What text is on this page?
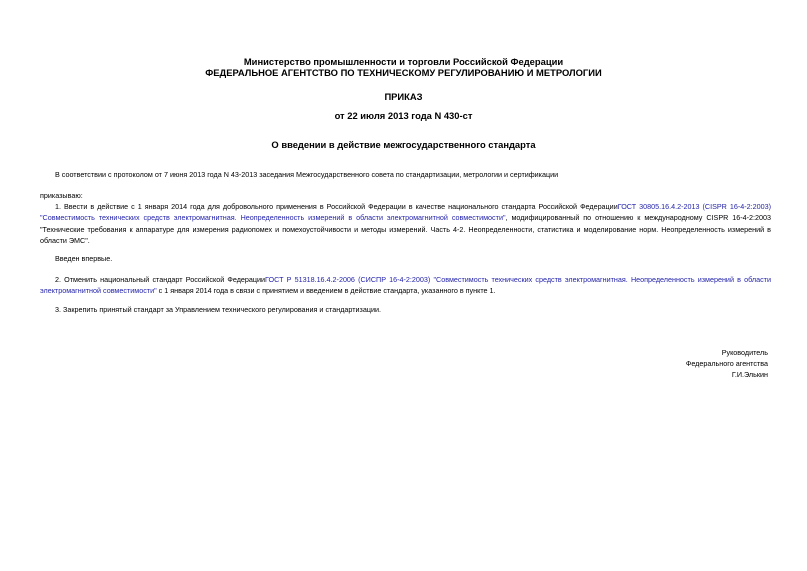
Министерство промышленности и торговли Российской Федерации
ФЕДЕРАЛЬНОЕ АГЕНТСТВО ПО ТЕХНИЧЕСКОМУ РЕГУЛИРОВАНИЮ И МЕТРОЛОГИИ
ПРИКАЗ
от 22 июля 2013 года N 430-ст
О введении в действие межгосударственного стандарта
В соответствии с протоколом от 7 июня 2013 года N 43-2013 заседания Межгосударственного совета по стандартизации, метрологии и сертификации
приказываю:
1. Ввести в действие с 1 января 2014 года для добровольного применения в Российской Федерации в качестве национального стандарта Российской ФедерацииГОСТ 30805.16.4.2-2013 (CISPR 16-4-2:2003)
"Совместимость технических средств электромагнитная. Неопределенность измерений в области электромагнитной совместимости", модифицированный по отношению к международному CISPR 16-4-2:2003
"Технические требования к аппаратуре для измерения радиопомех и помехоустойчивости и методы измерений. Часть 4-2. Неопределенности, статистика и моделирование норм. Неопределенность измерений в
области ЭМС".
Введен впервые.
2. Отменить национальный стандарт Российской ФедерацииГОСТ Р 51318.16.4.2-2006 (СИСПР 16-4-2:2003) "Совместимость технических средств электромагнитная. Неопределенность измерений в области
электромагнитной совместимости" с 1 января 2014 года в связи с принятием и введением в действие стандарта, указанного в пункте 1.
3. Закрепить принятый стандарт за Управлением технического регулирования и стандартизации.
Руководитель
Федерального агентства
Г.И.Элькин
